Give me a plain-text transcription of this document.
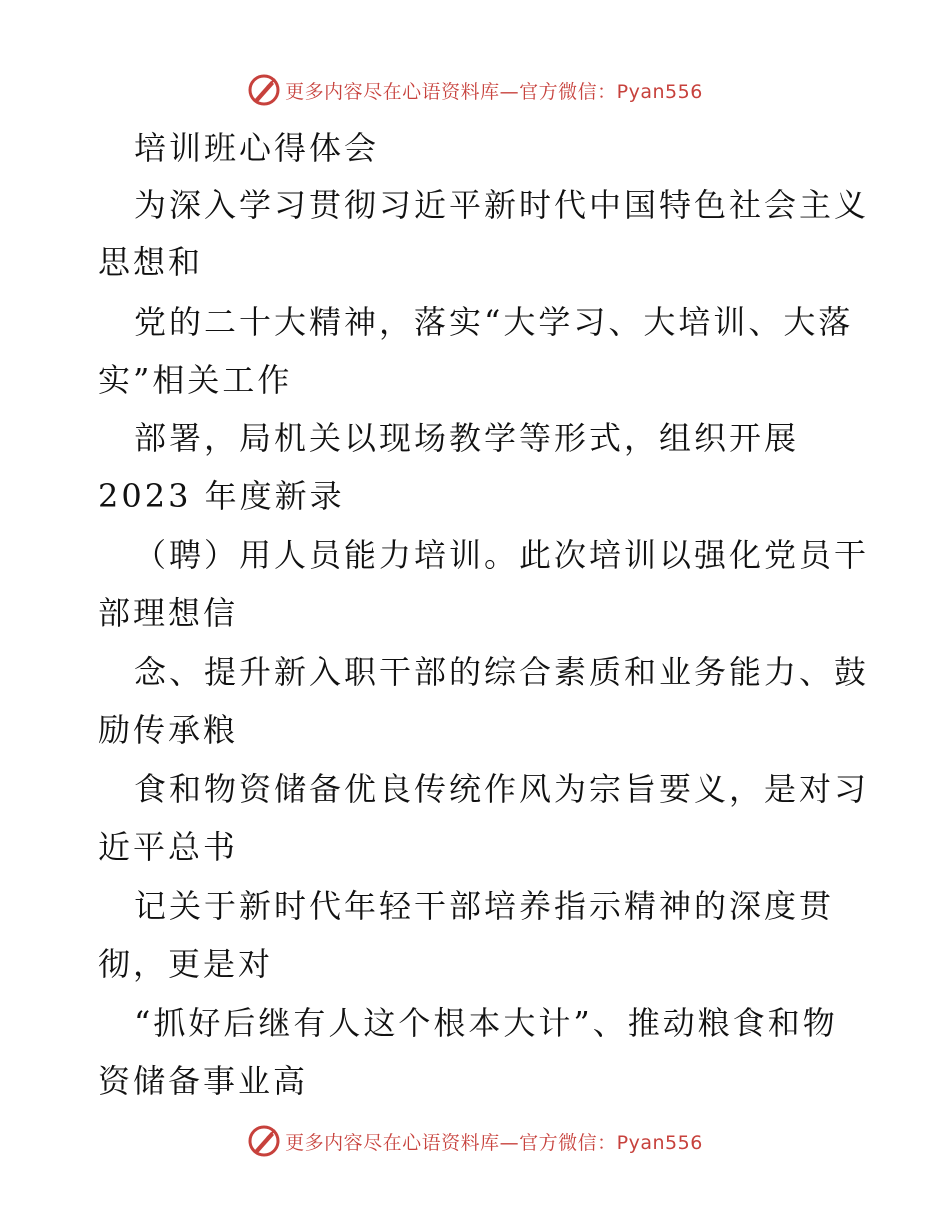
更多内容尽在心语资料库—官方微信：Pyan556
培训班心得体会
为深入学习贯彻习近平新时代中国特色社会主义
思想和
党的二十大精神，落实“大学习、大培训、大落
实”相关工作
部署，局机关以现场教学等形式，组织开展
2023 年度新录
（聘）用人员能力培训。此次培训以强化党员干
部理想信
念、提升新入职干部的综合素质和业务能力、鼓
励传承粮
食和物资储备优良传统作风为宗旨要义，是对习
近平总书
记关于新时代年轻干部培养指示精神的深度贯
彻，更是对
“抓好后继有人这个根本大计”、推动粮食和物
资储备事业高
更多内容尽在心语资料库—官方微信：Pyan556
